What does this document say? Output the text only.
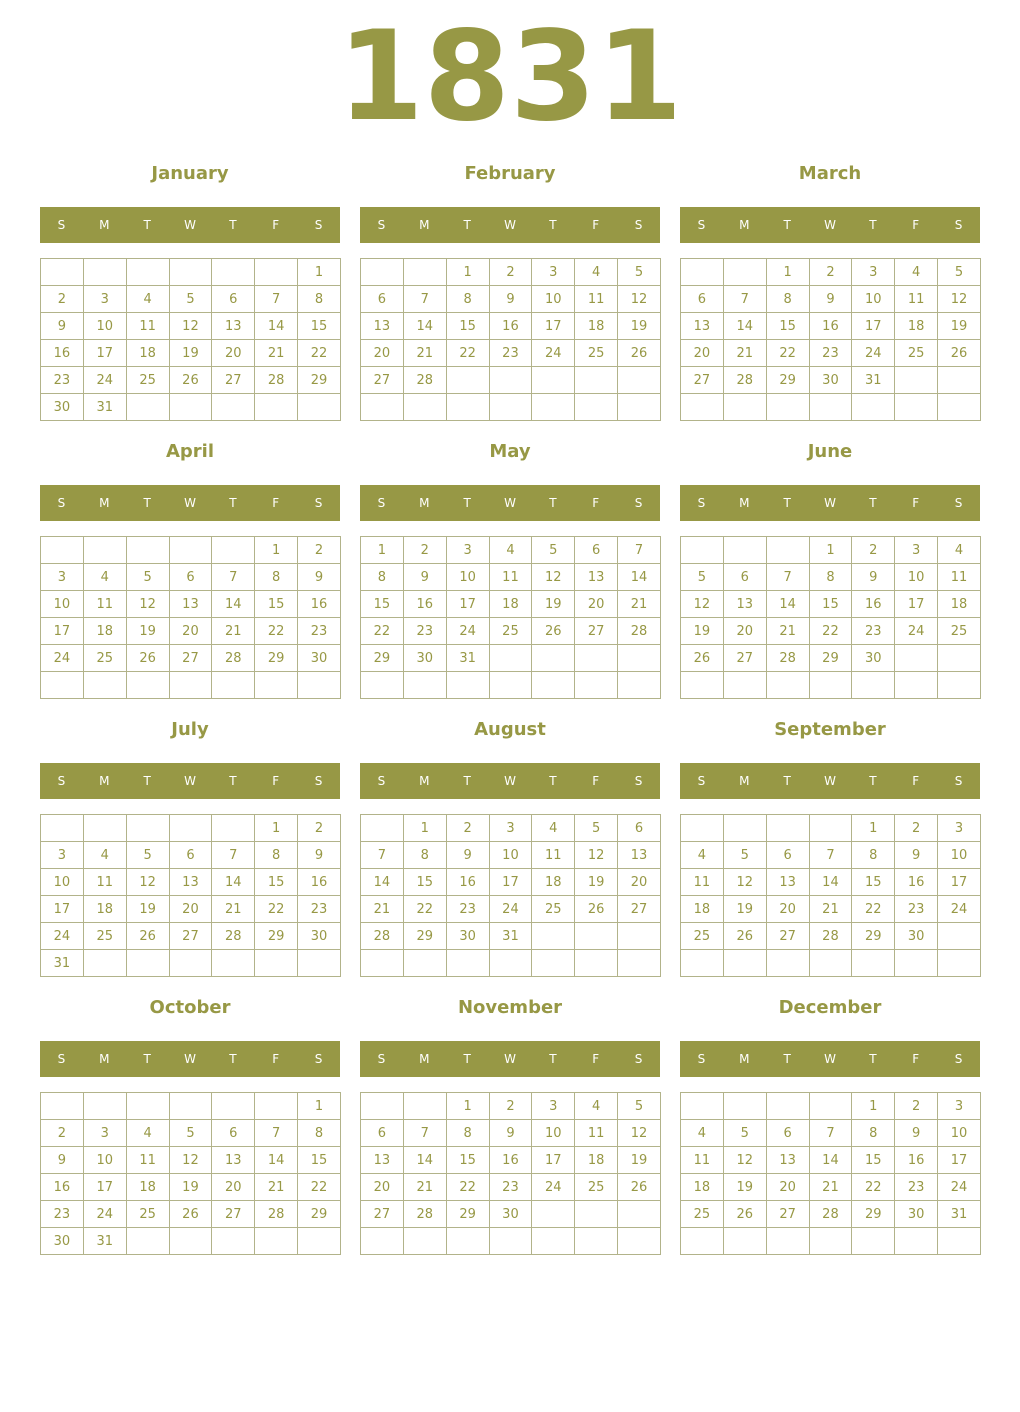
1831
January
S	M	T	W	T	F	S
						1
2	3	4	5	6	7	8
9	10	11	12	13	14	15
16	17	18	19	20	21	22
23	24	25	26	27	28	29
30	31					
February
S	M	T	W	T	F	S
		1	2	3	4	5
6	7	8	9	10	11	12
13	14	15	16	17	18	19
20	21	22	23	24	25	26
27	28					

March
S	M	T	W	T	F	S
		1	2	3	4	5
6	7	8	9	10	11	12
13	14	15	16	17	18	19
20	21	22	23	24	25	26
27	28	29	30	31		

April
S	M	T	W	T	F	S
					1	2
3	4	5	6	7	8	9
10	11	12	13	14	15	16
17	18	19	20	21	22	23
24	25	26	27	28	29	30

May
S	M	T	W	T	F	S
1	2	3	4	5	6	7
8	9	10	11	12	13	14
15	16	17	18	19	20	21
22	23	24	25	26	27	28
29	30	31				

June
S	M	T	W	T	F	S
			1	2	3	4
5	6	7	8	9	10	11
12	13	14	15	16	17	18
19	20	21	22	23	24	25
26	27	28	29	30		

July
S	M	T	W	T	F	S
					1	2
3	4	5	6	7	8	9
10	11	12	13	14	15	16
17	18	19	20	21	22	23
24	25	26	27	28	29	30
31						
August
S	M	T	W	T	F	S
	1	2	3	4	5	6
7	8	9	10	11	12	13
14	15	16	17	18	19	20
21	22	23	24	25	26	27
28	29	30	31			

September
S	M	T	W	T	F	S
				1	2	3
4	5	6	7	8	9	10
11	12	13	14	15	16	17
18	19	20	21	22	23	24
25	26	27	28	29	30	

October
S	M	T	W	T	F	S
						1
2	3	4	5	6	7	8
9	10	11	12	13	14	15
16	17	18	19	20	21	22
23	24	25	26	27	28	29
30	31					
November
S	M	T	W	T	F	S
		1	2	3	4	5
6	7	8	9	10	11	12
13	14	15	16	17	18	19
20	21	22	23	24	25	26
27	28	29	30			

December
S	M	T	W	T	F	S
				1	2	3
4	5	6	7	8	9	10
11	12	13	14	15	16	17
18	19	20	21	22	23	24
25	26	27	28	29	30	31
